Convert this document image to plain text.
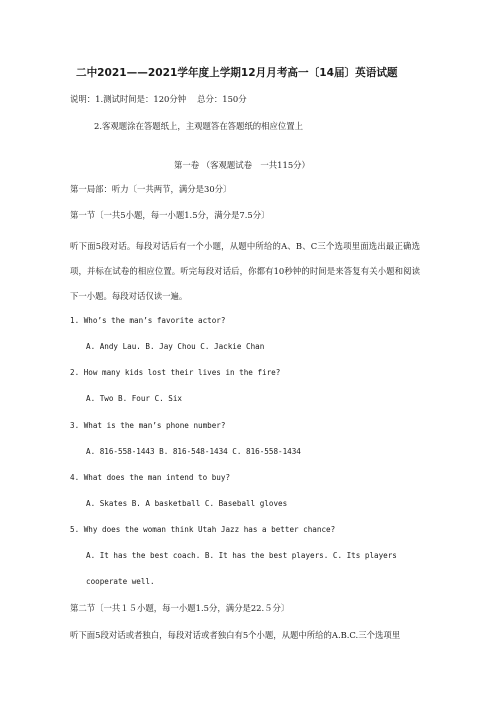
二中2021——2021学年度上学期12月月考高一〔14届〕英语试题
说明：1.测试时间是：120分钟　 总分：150分
2.客观题涂在答题纸上，主观题答在答题纸的相应位置上
第一卷 （客观题试卷　一共115分）
第一局部：听力〔一共两节，满分是30分〕
第一节〔一共5小题，每一小题1.5分，满分是7.5分〕
听下面5段对话。每段对话后有一个小题，从题中所给的A、B、C三个选项里面选出最正确选项，并标在试卷的相应位置。听完每段对话后，你都有10秒钟的时间是来答复有关小题和阅读下一小题。每段对话仅读一遍。
1. Who’s the man’s favorite actor?
A. Andy Lau. B. Jay Chou C. Jackie Chan
2. How many kids lost their lives in the fire?
A. Two B. Four C. Six
3. What is the man’s phone number?
A. 816-558-1443 B. 816-548-1434 C. 816-558-1434
4. What does the man intend to buy?
A. Skates B. A basketball C. Baseball gloves
5. Why does the woman think Utah Jazz has a better chance?
A. It has the best coach. B. It has the best players. C. Its players
cooperate well.
第二节〔一共１５小题，每一小题1.5分，满分是22.５分〕
听下面5段对话或者独白，每段对话或者独白有5个小题，从题中所给的A.B.C.三个选项里
